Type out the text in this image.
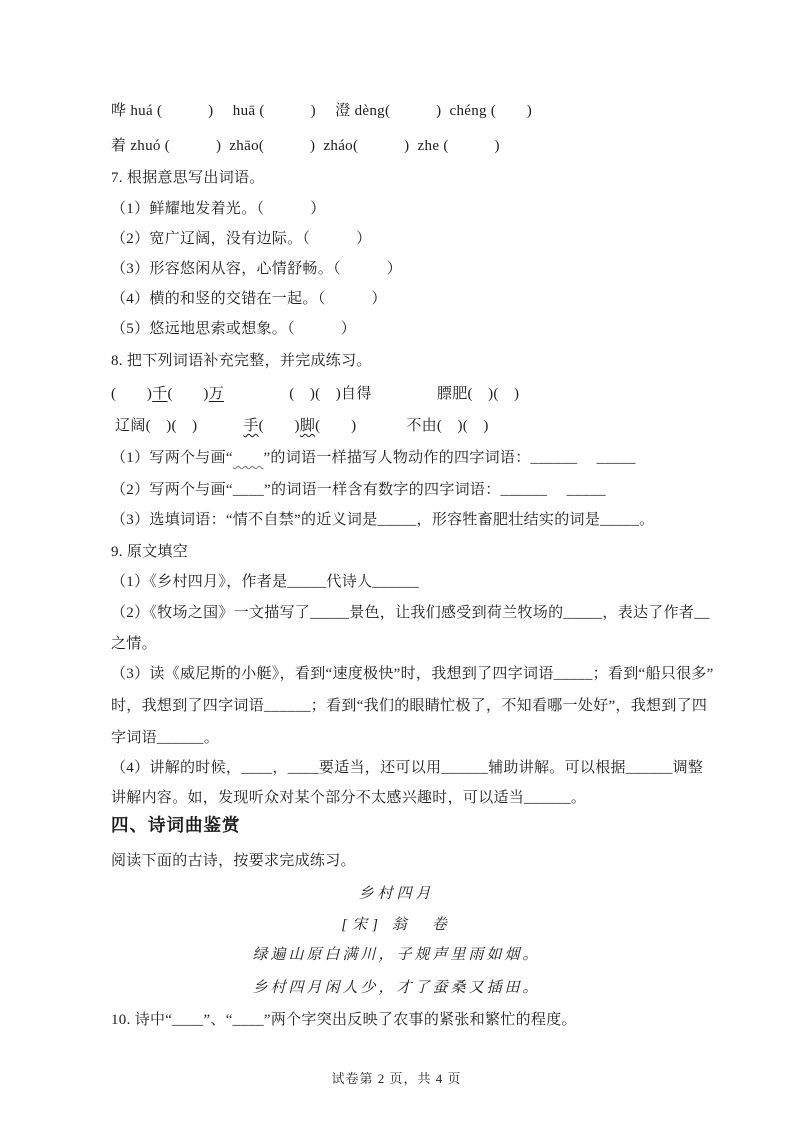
哗 huá (　　　)　 huā (　　　)　 澄 dèng(　　　)  chéng (　　)
着 zhuó (　　　)  zhāo(　　　)  zháo(　　　)  zhe (　　　)
7. 根据意思写出词语。
（1）鲜耀地发着光。（　　　）
（2）宽广辽阔，没有边际。（　　　）
（3）形容悠闲从容，心情舒畅。（　　　）
（4）横的和竖的交错在一起。（　　　）
（5）悠远地思索或想象。（　　　）
8. 把下列词语补充完整，并完成练习。
(　　)千(　　)万　　　　 (　)(　)自得　　　　 膘肥(　)(　)
辽阔(　)(　)　　　手(　　)脚(　　)　　　 不由(　)(　)
（1）写两个与画“　　 ”的词语一样描写人物动作的四字词语：______　 _____
（2）写两个与画“____”的词语一样含有数字的四字词语：______　 _____
（3）选填词语：“情不自禁”的近义词是_____，形容牲畜肥壮结实的词是_____。
9. 原文填空
（1）《乡村四月》，作者是_____代诗人______
（2）《牧场之国》一文描写了_____景色，让我们感受到荷兰牧场的_____，表达了作者__
之情。
（3）读《威尼斯的小艇》，看到“速度极快”时，我想到了四字词语_____；看到“船只很多”
时，我想到了四字词语______；看到“我们的眼睛忙极了，不知看哪一处好”，我想到了四
字词语______。
（4）讲解的时候，____，____要适当，还可以用______辅助讲解。可以根据______调整
讲解内容。如，发现听众对某个部分不太感兴趣时，可以适当______。
四、诗词曲鉴赏
阅读下面的古诗，按要求完成练习。
乡村四月
[宋] 翁　卷
绿遍山原白满川，子规声里雨如烟。
乡村四月闲人少，才了蚕桑又插田。
10. 诗中“____”、“____”两个字突出反映了农事的紧张和繁忙的程度。
试卷第 2 页，共 4 页
